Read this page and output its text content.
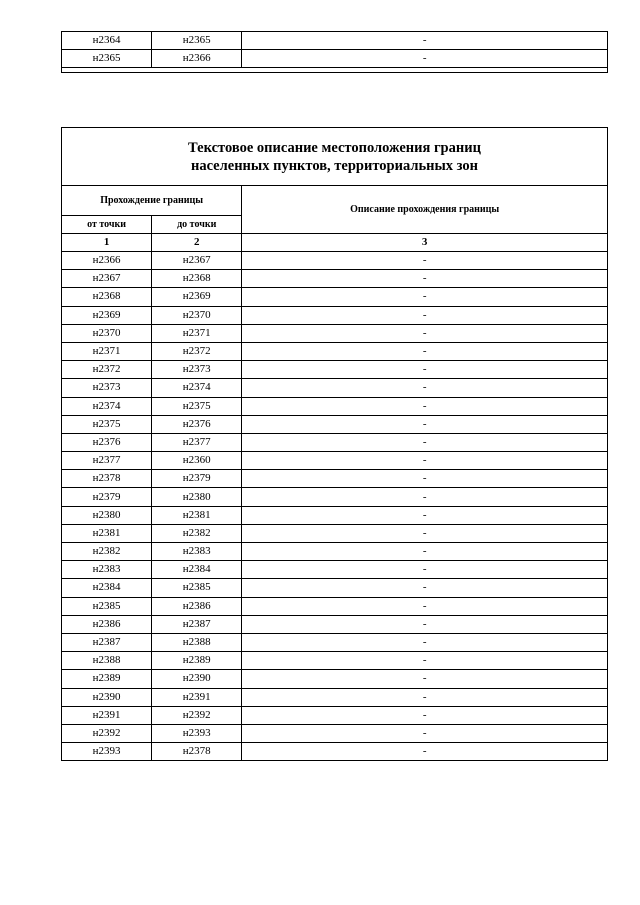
н2364	н2365	-
н2365	н2366	-
Текстовое описание местоположения границ
населенных пунктов, территориальных зон		

Прохождение границы		Описание прохождения границы
от точки	до точки	
1	2	3
н2366	н2367	-
н2367	н2368	-
н2368	н2369	-
н2369	н2370	-
н2370	н2371	-
н2371	н2372	-
н2372	н2373	-
н2373	н2374	-
н2374	н2375	-
н2375	н2376	-
н2376	н2377	-
н2377	н2360	-
н2378	н2379	-
н2379	н2380	-
н2380	н2381	-
н2381	н2382	-
н2382	н2383	-
н2383	н2384	-
н2384	н2385	-
н2385	н2386	-
н2386	н2387	-
н2387	н2388	-
н2388	н2389	-
н2389	н2390	-
н2390	н2391	-
н2391	н2392	-
н2392	н2393	-
н2393	н2378	-
